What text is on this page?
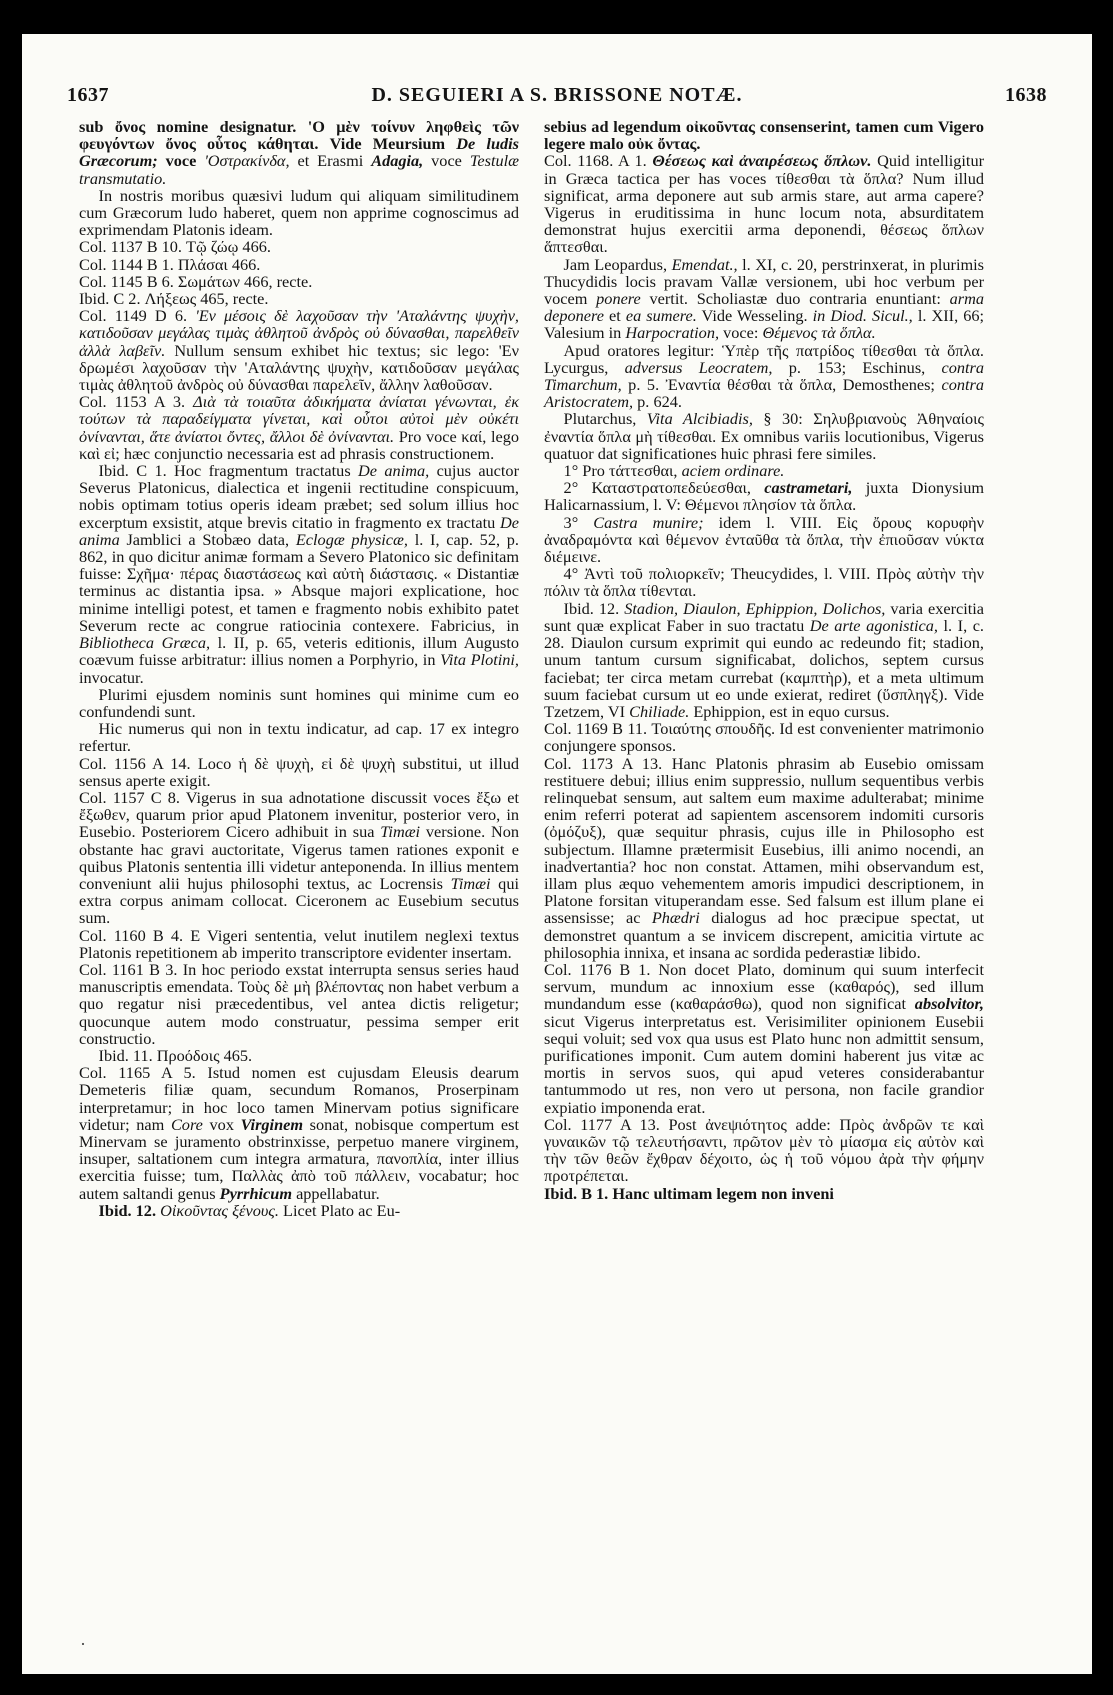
1637	D. SEGUIERI A S. BRISSONE NOTÆ.	1638

sub ὄνος nomine designatur. 'Ο μὲν τοίνυν ληφθεὶς τῶν φευγόντων ὄνος οὗτος κάθηται. Vide Meursium De ludis Græcorum; voce 'Οστρακίνδα, et Erasmi Adagia, voce Testulæ transmutatio.

In nostris moribus quæsivi ludum qui aliquam similitudinem cum Græcorum ludo haberet, quem non apprime cognoscimus ad exprimendam Platonis ideam.

Col. 1137 B 10. Τῷ ζώῳ 466.

Col. 1144 B 1. Πλάσαι 466.

Col. 1145 B 6. Σωμάτων 466, recte.

Ibid. C 2. Λήξεως 465, recte.

Col. 1149 D 6. 'Εν μέσοις δὲ λαχοῦσαν τὴν 'Αταλάντης ψυχὴν, κατιδοῦσαν μεγάλας τιμὰς ἀθλητοῦ ἀνδρὸς οὐ δύνασθαι, παρελθεῖν ἀλλὰ λαβεῖν. Nullum sensum exhibet hic textus; sic lego: 'Εν δρωμέσι λαχοῦσαν τὴν 'Αταλάντης ψυχὴν, κατιδοῦσαν μεγάλας τιμὰς ἀθλητοῦ ἀνδρὸς οὐ δύνασθαι παρελεῖν, ἄλλην λαθοῦσαν.

Col. 1153 A 3. Διὰ τὰ τοιαῦτα ἀδικήματα ἀνίαται γένωνται, ἐκ τούτων τὰ παραδείγματα γίνεται, καὶ οὗτοι αὐτοὶ μὲν οὐκέτι ὀνίνανται, ἅτε ἀνίατοι ὄντες, ἄλλοι δὲ ὀνίνανται. Pro voce καί, lego καὶ εἰ; hæc conjunctio necessaria est ad phrasis constructionem.

Ibid. C 1. Hoc fragmentum tractatus De anima, cujus auctor Severus Platonicus, dialectica et ingenii rectitudine conspicuum, nobis optimam totius operis ideam præbet; sed solum illius hoc excerptum exsistit, atque brevis citatio in fragmento ex tractatu De anima Jamblici a Stobæo data, Eclogæ physicæ, l. I, cap. 52, p. 862, in quo dicitur animæ formam a Severo Platonico sic definitam fuisse: Σχῆμα· πέρας διαστάσεως καὶ αὐτὴ διάστασις. « Distantiæ terminus ac distantia ipsa. » Absque majori explicatione, hoc minime intelligi potest, et tamen e fragmento nobis exhibito patet Severum recte ac congrue ratiocinia contexere. Fabricius, in Bibliotheca Græca, l. II, p. 65, veteris editionis, illum Augusto coævum fuisse arbitratur: illius nomen a Porphyrio, in Vita Plotini, invocatur.

Plurimi ejusdem nominis sunt homines qui minime cum eo confundendi sunt.

Hic numerus qui non in textu indicatur, ad cap. 17 ex integro refertur.

Col. 1156 A 14. Loco ἡ δὲ ψυχὴ, εἰ δὲ ψυχὴ substitui, ut illud sensus aperte exigit.

Col. 1157 C 8. Vigerus in sua adnotatione discussit voces ἔξω et ἔξωθεν, quarum prior apud Platonem invenitur, posterior vero, in Eusebio. Posteriorem Cicero adhibuit in sua Timæi versione. Non obstante hac gravi auctoritate, Vigerus tamen rationes exponit e quibus Platonis sententia illi videtur anteponenda. In illius mentem conveniunt alii hujus philosophi textus, ac Locrensis Timæi qui extra corpus animam collocat. Ciceronem ac Eusebium secutus sum.

Col. 1160 B 4. E Vigeri sententia, velut inutilem neglexi textus Platonis repetitionem ab imperito transcriptore evidenter insertam.

Col. 1161 B 3. In hoc periodo exstat interrupta sensus series haud manuscriptis emendata. Τοὺς δὲ μὴ βλέποντας non habet verbum a quo regatur nisi præcedentibus, vel antea dictis religetur; quocunque autem modo construatur, pessima semper erit constructio.

Ibid. 11. Προόδοις 465.

Col. 1165 A 5. Istud nomen est cujusdam Eleusis dearum Demeteris filiæ quam, secundum Romanos, Proserpinam interpretamur; in hoc loco tamen Minervam potius significare videtur; nam Core vox Virginem sonat, nobisque compertum est Minervam se juramento obstrinxisse, perpetuo manere virginem, insuper, saltationem cum integra armatura, πανοπλία, inter illius exercitia fuisse; tum, Παλλὰς ἀπὸ τοῦ πάλλειν, vocabatur; hoc autem saltandi genus Pyrrhicum appellabatur.

Ibid. 12. Οἰκοῦντας ξένους. Licet Plato ac Eu-

sebius ad legendum οἰκοῦντας consenserint, tamen cum Vigero legere malo οὐκ ὄντας.

Col. 1168. A 1. Θέσεως καὶ ἀναιρέσεως ὅπλων. Quid intelligitur in Græca tactica per has voces τίθεσθαι τὰ ὅπλα? Num illud significat, arma deponere aut sub armis stare, aut arma capere? Vigerus in eruditissima in hunc locum nota, absurditatem demonstrat hujus exercitii arma deponendi, θέσεως ὅπλων ἅπτεσθαι.

Jam Leopardus, Emendat., l. XI, c. 20, perstrinxerat, in plurimis Thucydidis locis pravam Vallæ versionem, ubi hoc verbum per vocem ponere vertit. Scholiastæ duo contraria enuntiant: arma deponere et ea sumere. Vide Wesseling. in Diod. Sicul., l. XII, 66; Valesium in Harpocration, voce: Θέμενος τὰ ὅπλα.

Apud oratores legitur: Ὑπὲρ τῆς πατρίδος τίθεσθαι τὰ ὅπλα. Lycurgus, adversus Leocratem, p. 153; Eschinus, contra Timarchum, p. 5. Ἐναντία θέσθαι τὰ ὅπλα, Demosthenes; contra Aristocratem, p. 624.

Plutarchus, Vita Alcibiadis, § 30: Σηλυβριανοὺς Ἀθηναίοις ἐναντία ὅπλα μὴ τίθεσθαι. Ex omnibus variis locutionibus, Vigerus quatuor dat significationes huic phrasi fere similes.

1° Pro τάττεσθαι, aciem ordinare.

2° Καταστρατοπεδεύεσθαι, castrametari, juxta Dionysium Halicarnassium, l. V: Θέμενοι πλησίον τὰ ὅπλα.

3° Castra munire; idem l. VIII. Εἰς ὄρους κορυφὴν ἀναδραμόντα καὶ θέμενον ἐνταῦθα τὰ ὅπλα, τὴν ἐπιοῦσαν νύκτα διέμεινε.

4° Ἀντὶ τοῦ πολιορκεῖν; Theucydides, l. VIII. Πρὸς αὐτὴν τὴν πόλιν τὰ ὅπλα τίθενται.

Ibid. 12. Stadion, Diaulon, Ephippion, Dolichos, varia exercitia sunt quæ explicat Faber in suo tractatu De arte agonistica, l. I, c. 28. Diaulon cursum exprimit qui eundo ac redeundo fit; stadion, unum tantum cursum significabat, dolichos, septem cursus faciebat; ter circa metam currebat (καμπτὴρ), et a meta ultimum suum faciebat cursum ut eo unde exierat, rediret (ὕσπληγξ). Vide Tzetzem, VI Chiliade. Ephippion, est in equo cursus.

Col. 1169 B 11. Τοιαύτης σπουδῆς. Id est convenienter matrimonio conjungere sponsos.

Col. 1173 A 13. Hanc Platonis phrasim ab Eusebio omissam restituere debui; illius enim suppressio, nullum sequentibus verbis relinquebat sensum, aut saltem eum maxime adulterabat; minime enim referri poterat ad sapientem ascensorem indomiti cursoris (ὀμόζυξ), quæ sequitur phrasis, cujus ille in Philosopho est subjectum. Illamne prætermisit Eusebius, illi animo nocendi, an inadvertantia? hoc non constat. Attamen, mihi observandum est, illam plus æquo vehementem amoris impudici descriptionem, in Platone forsitan vituperandam esse. Sed falsum est illum plane ei assensisse; ac Phædri dialogus ad hoc præcipue spectat, ut demonstret quantum a se invicem discrepent, amicitia virtute ac philosophia innixa, et insana ac sordida pederastiæ libido.

Col. 1176 B 1. Non docet Plato, dominum qui suum interfecit servum, mundum ac innoxium esse (καθαρός), sed illum mundandum esse (καθαράσθω), quod non significat absolvitor, sicut Vigerus interpretatus est. Verisimiliter opinionem Eusebii sequi voluit; sed vox qua usus est Plato hunc non admittit sensum, purificationes imponit. Cum autem domini haberent jus vitæ ac mortis in servos suos, qui apud veteres considerabantur tantummodo ut res, non vero ut persona, non facile grandior expiatio imponenda erat.

Col. 1177 A 13. Post ἀνεψιότητος adde: Πρὸς ἀνδρῶν τε καὶ γυναικῶν τῷ τελευτήσαντι, πρῶτον μὲν τὸ μίασμα εἰς αὐτὸν καὶ τὴν τῶν θεῶν ἔχθραν δέχοιτο, ὡς ἡ τοῦ νόμου ἀρὰ τὴν φήμην προτρέπεται.

Ibid. B 1. Hanc ultimam legem non inveni

·
